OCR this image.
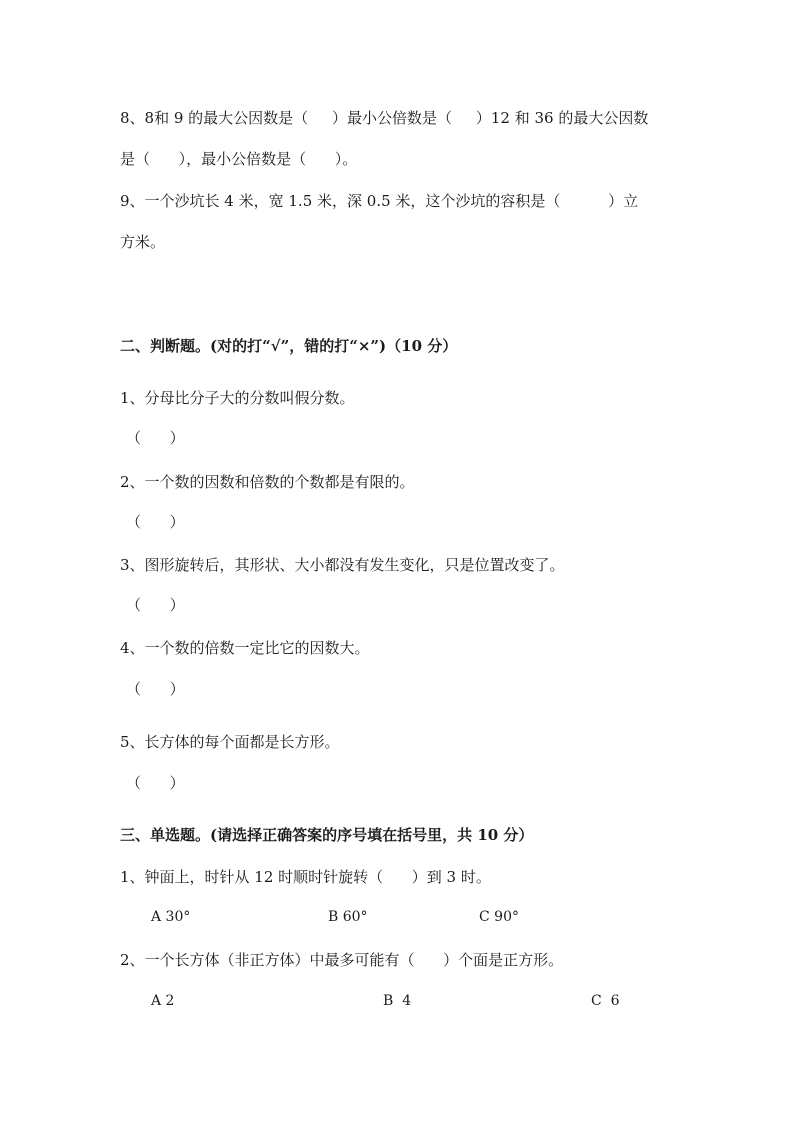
8、8和 9 的最大公因数是（     ）最小公倍数是（     ）12 和 36 的最大公因数
是（      ），最小公倍数是（      ）。
9、一个沙坑长 4 米，宽 1.5 米，深 0.5 米，这个沙坑的容积是（          ）立
方米。
二、判断题。(对的打“√”，错的打“×”)（10 分）
1、分母比分子大的分数叫假分数。
（      ）
2、一个数的因数和倍数的个数都是有限的。
（      ）
3、图形旋转后，其形状、大小都没有发生变化，只是位置改变了。
（      ）
4、一个数的倍数一定比它的因数大。
（      ）
5、长方体的每个面都是长方形。
（      ）
三、单选题。(请选择正确答案的序号填在括号里，共 10 分）
1、钟面上，时针从 12 时顺时针旋转（      ）到 3 时。
A 30°	B 60°	C 90°
2、一个长方体（非正方体）中最多可能有（      ）个面是正方形。
A 2	B  4	C  6
